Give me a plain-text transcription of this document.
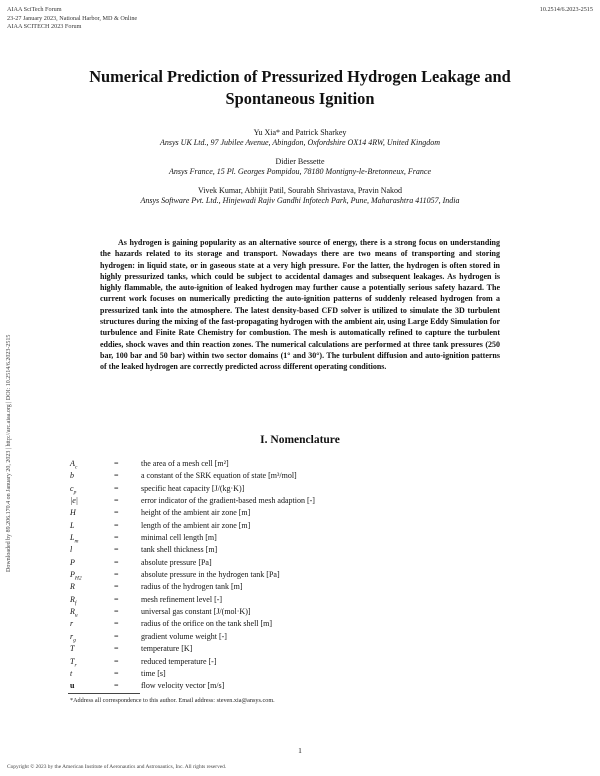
AIAA SciTech Forum
23-27 January 2023, National Harbor, MD & Online
AIAA SCITECH 2023 Forum
10.2514/6.2023-2515
Downloaded by 89.206.170.4 on January 20, 2023 | http://arc.aiaa.org | DOI: 10.2514/6.2023-2515
Numerical Prediction of Pressurized Hydrogen Leakage and
Spontaneous Ignition
Yu Xia* and Patrick Sharkey
Ansys UK Ltd., 97 Jubilee Avenue, Abingdon, Oxfordshire OX14 4RW, United Kingdom
Didier Bessette
Ansys France, 15 Pl. Georges Pompidou, 78180 Montigny-le-Bretonneux, France
Vivek Kumar, Abhijit Patil, Sourabh Shrivastava, Pravin Nakod
Ansys Software Pvt. Ltd., Hinjewadi Rajiv Gandhi Infotech Park, Pune, Maharashtra 411057, India

As hydrogen is gaining popularity as an alternative source of energy, there is a strong focus on understanding the hazards related to its storage and transport. Nowadays there are two means of transporting and storing hydrogen: in liquid state, or in gaseous state at a very high pressure. For the latter, the hydrogen is often stored in highly pressurized tanks, which could be subject to accidental damages and subsequent leakages. As hydrogen is highly flammable, the auto-ignition of leaked hydrogen may further cause a potentially serious safety hazard. The current work focuses on numerically predicting the auto-ignition patterns of suddenly released hydrogen from a pressurized tank into the atmosphere. The latest density-based CFD solver is utilized to simulate the 3D turbulent structures during the mixing of the fast-propagating hydrogen with the ambient air, using Large Eddy Simulation for turbulence and Finite Rate Chemistry for combustion. The mesh is automatically refined to capture the turbulent eddies, shock waves and thin reaction zones. The numerical calculations are performed at three tank pressures (250 bar, 100 bar and 50 bar) within two sector domains (1° and 30°). The turbulent diffusion and auto-ignition patterns of the leaked hydrogen are correctly predicted across different operating conditions.

I. Nomenclature
$A_c$	=	the area of a mesh cell [m²]
b	=	a constant of the SRK equation of state [m³/mol]
$c_p$	=	specific heat capacity [J/(kg·K)]
|e|	=	error indicator of the gradient-based mesh adaption [-]
H	=	height of the ambient air zone [m]
L	=	length of the ambient air zone [m]
$L_m$	=	minimal cell length [m]
l	=	tank shell thickness [m]
P	=	absolute pressure [Pa]
$P_{H2}$	=	absolute pressure in the hydrogen tank [Pa]
R	=	radius of the hydrogen tank [m]
$R_f$	=	mesh refinement level [-]
$R_u$	=	universal gas constant [J/(mol·K)]
r	=	radius of the orifice on the tank shell [m]
$r_g$	=	gradient volume weight [-]
T	=	temperature [K]
$T_r$	=	reduced temperature [-]
t	=	time [s]
u	=	flow velocity vector [m/s]
*Address all correspondence to this author. Email address: steven.xia@ansys.com.
1
Copyright © 2023 by the American Institute of Aeronautics and Astronautics, Inc. All rights reserved.
